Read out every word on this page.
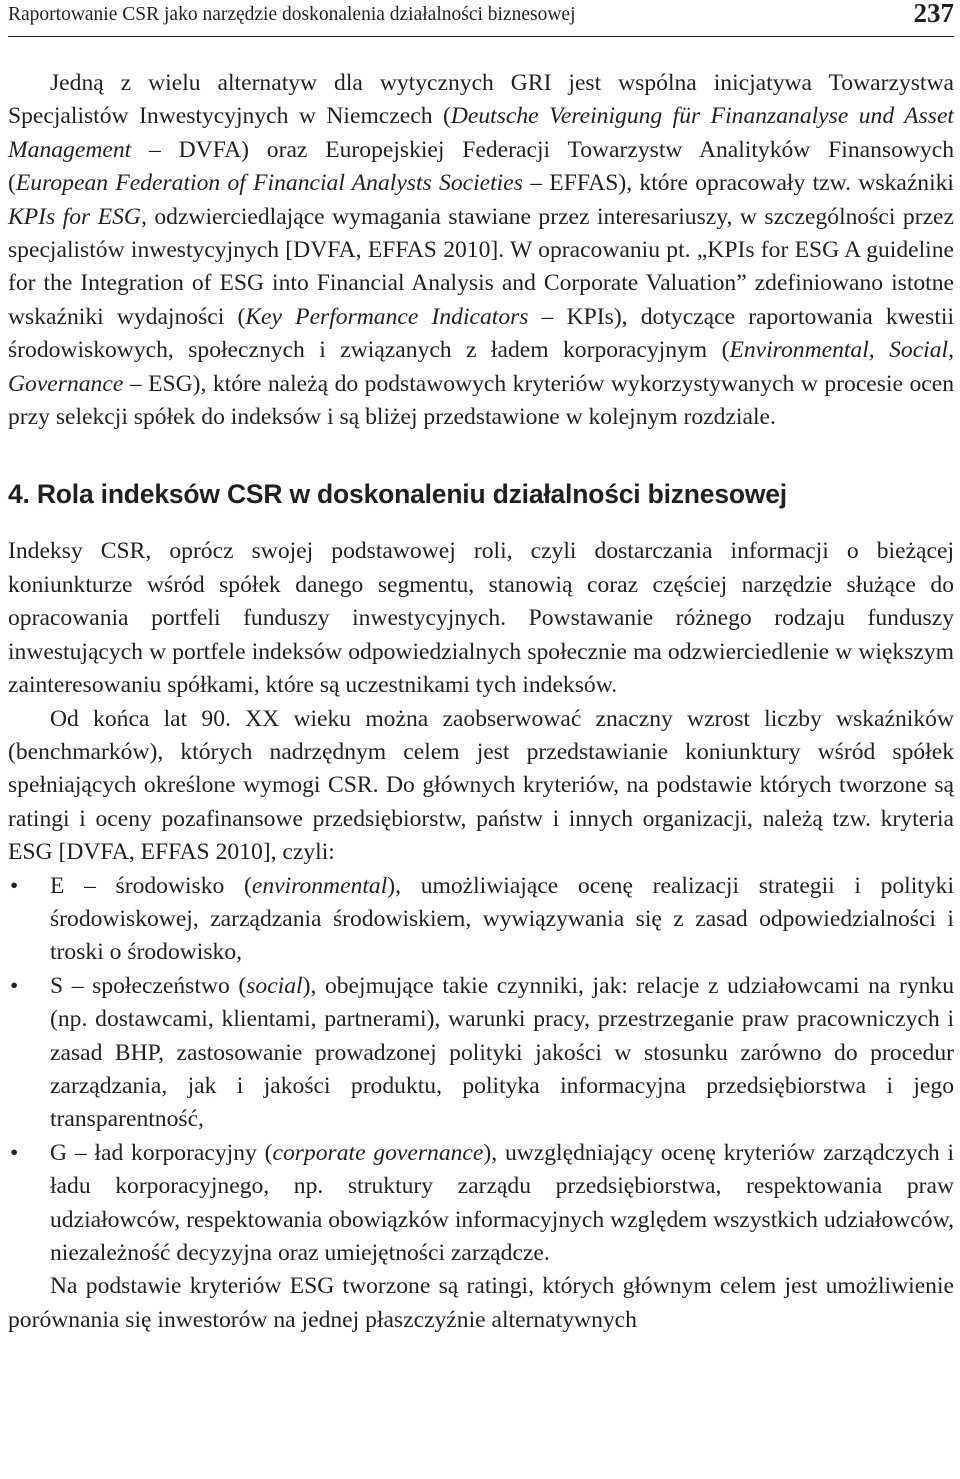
Raportowanie CSR jako narzędzie doskonalenia działalności biznesowej	237

Jedną z wielu alternatyw dla wytycznych GRI jest wspólna inicjatywa Towarzystwa Specjalistów Inwestycyjnych w Niemczech (Deutsche Vereinigung für Finanzanalyse und Asset Management – DVFA) oraz Europejskiej Federacji Towarzystw Analityków Finansowych (European Federation of Financial Analysts Societies – EFFAS), które opracowały tzw. wskaźniki KPIs for ESG, odzwierciedlające wymagania stawiane przez interesariuszy, w szczególności przez specjalistów inwestycyjnych [DVFA, EFFAS 2010]. W opracowaniu pt. „KPIs for ESG A guideline for the Integration of ESG into Financial Analysis and Corporate Valuation” zdefiniowano istotne wskaźniki wydajności (Key Performance Indicators – KPIs), dotyczące raportowania kwestii środowiskowych, społecznych i związanych z ładem korporacyjnym (Environmental, Social, Governance – ESG), które należą do podstawowych kryteriów wykorzystywanych w procesie ocen przy selekcji spółek do indeksów i są bliżej przedstawione w kolejnym rozdziale.

4. Rola indeksów CSR w doskonaleniu działalności biznesowej

Indeksy CSR, oprócz swojej podstawowej roli, czyli dostarczania informacji o bieżącej koniunkturze wśród spółek danego segmentu, stanowią coraz częściej narzędzie służące do opracowania portfeli funduszy inwestycyjnych. Powstawanie różnego rodzaju funduszy inwestujących w portfele indeksów odpowiedzialnych społecznie ma odzwierciedlenie w większym zainteresowaniu spółkami, które są uczestnikami tych indeksów.

Od końca lat 90. XX wieku można zaobserwować znaczny wzrost liczby wskaźników (benchmarków), których nadrzędnym celem jest przedstawianie koniunktury wśród spółek spełniających określone wymogi CSR. Do głównych kryteriów, na podstawie których tworzone są ratingi i oceny pozafinansowe przedsiębiorstw, państw i innych organizacji, należą tzw. kryteria ESG [DVFA, EFFAS 2010], czyli:

• E – środowisko (environmental), umożliwiające ocenę realizacji strategii i polityki środowiskowej, zarządzania środowiskiem, wywiązywania się z zasad odpowiedzialności i troski o środowisko,
• S – społeczeństwo (social), obejmujące takie czynniki, jak: relacje z udziałowcami na rynku (np. dostawcami, klientami, partnerami), warunki pracy, przestrzeganie praw pracowniczych i zasad BHP, zastosowanie prowadzonej polityki jakości w stosunku zarówno do procedur zarządzania, jak i jakości produktu, polityka informacyjna przedsiębiorstwa i jego transparentność,
• G – ład korporacyjny (corporate governance), uwzględniający ocenę kryteriów zarządczych i ładu korporacyjnego, np. struktury zarządu przedsiębiorstwa, respektowania praw udziałowców, respektowania obowiązków informacyjnych względem wszystkich udziałowców, niezależność decyzyjna oraz umiejętności zarządcze.

Na podstawie kryteriów ESG tworzone są ratingi, których głównym celem jest umożliwienie porównania się inwestorów na jednej płaszczyźnie alternatywnych
